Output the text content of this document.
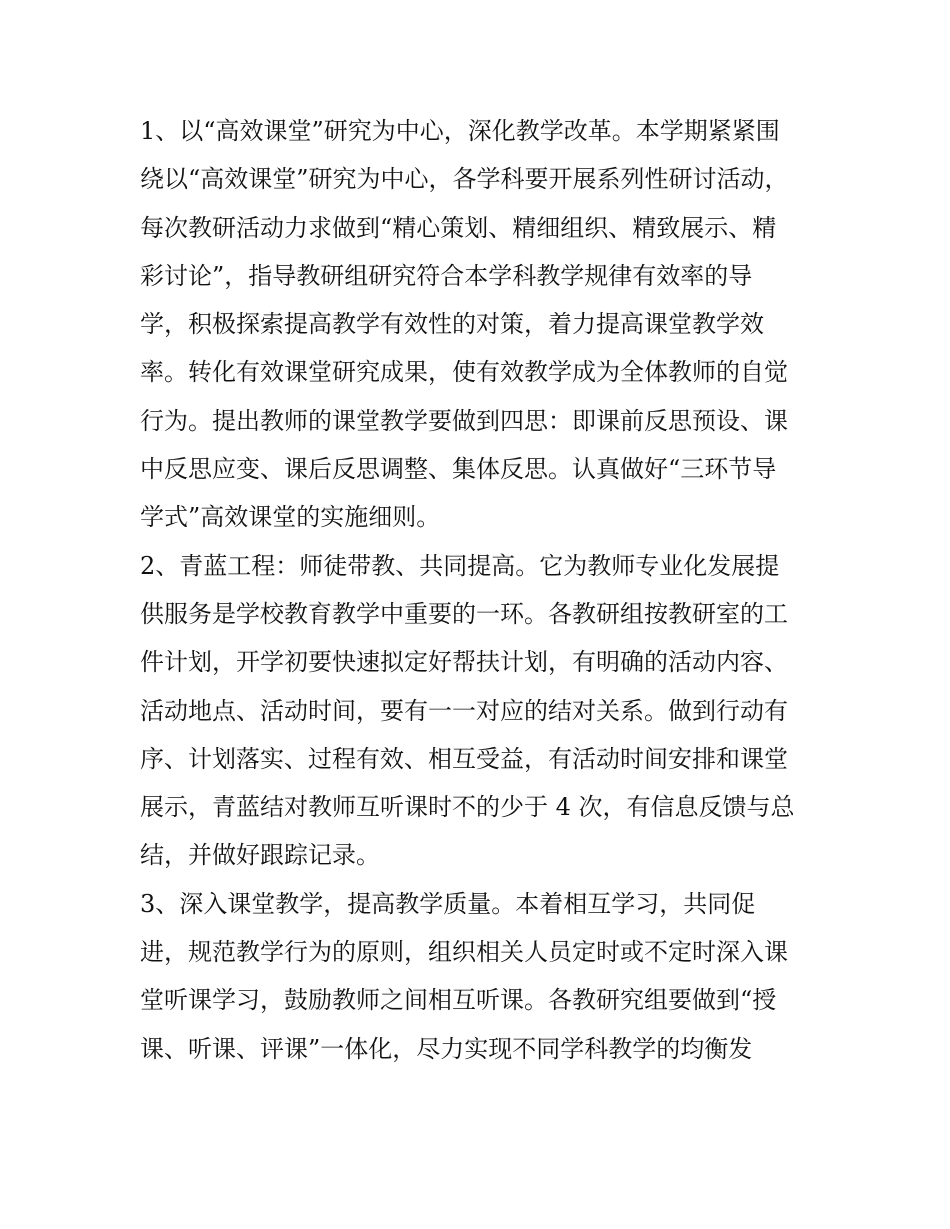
1、以“高效课堂”研究为中心，深化教学改革。本学期紧紧围
绕以“高效课堂”研究为中心，各学科要开展系列性研讨活动，
每次教研活动力求做到“精心策划、精细组织、精致展示、精
彩讨论”，指导教研组研究符合本学科教学规律有效率的导
学，积极探索提高教学有效性的对策，着力提高课堂教学效
率。转化有效课堂研究成果，使有效教学成为全体教师的自觉
行为。提出教师的课堂教学要做到四思：即课前反思预设、课
中反思应变、课后反思调整、集体反思。认真做好“三环节导
学式”高效课堂的实施细则。
2、青蓝工程：师徒带教、共同提高。它为教师专业化发展提
供服务是学校教育教学中重要的一环。各教研组按教研室的工
件计划，开学初要快速拟定好帮扶计划，有明确的活动内容、
活动地点、活动时间，要有一一对应的结对关系。做到行动有
序、计划落实、过程有效、相互受益，有活动时间安排和课堂
展示，青蓝结对教师互听课时不的少于 4 次，有信息反馈与总
结，并做好跟踪记录。
3、深入课堂教学，提高教学质量。本着相互学习，共同促
进，规范教学行为的原则，组织相关人员定时或不定时深入课
堂听课学习，鼓励教师之间相互听课。各教研究组要做到“授
课、听课、评课”一体化，尽力实现不同学科教学的均衡发
